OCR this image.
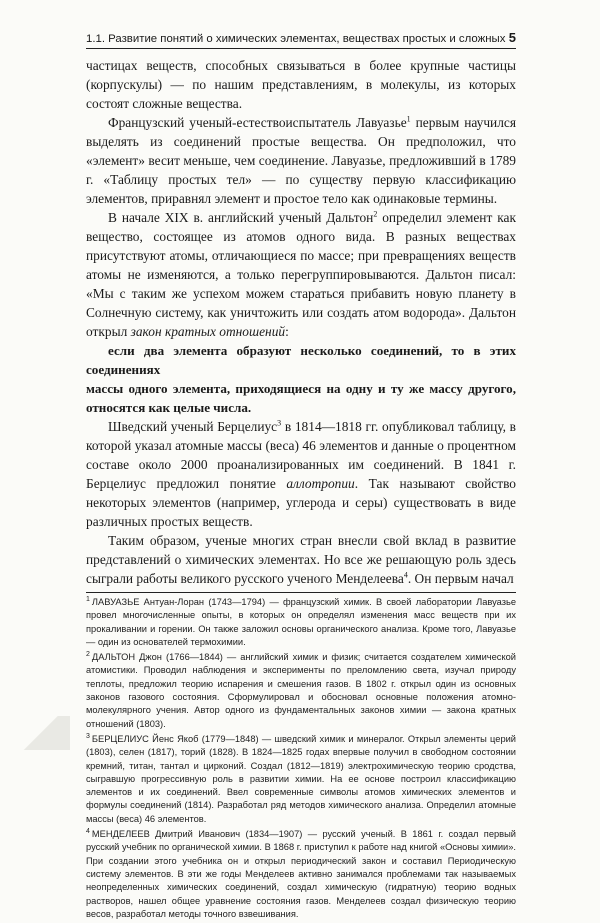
1.1. Развитие понятий о химических элементах, веществах простых и сложных 5

частицах веществ, способных связываться в более крупные частицы (корпускулы) — по нашим представлениям, в молекулы, из которых состоят сложные вещества.

Французский ученый-естествоиспытатель Лавуазье$^1$ первым научился выделять из соединений простые вещества. Он предположил, что «элемент» весит меньше, чем соединение. Лавуазье, предложивший в 1789 г. «Таблицу простых тел» — по существу первую классификацию элементов, приравнял элемент и простое тело как одинаковые термины.

В начале XIX в. английский ученый Дальтон$^2$ определил элемент как вещество, состоящее из атомов одного вида. В разных веществах присутствуют атомы, отличающиеся по массе; при превращениях веществ атомы не изменяются, а только перегруппировываются. Дальтон писал: «Мы с таким же успехом можем стараться прибавить новую планету в Солнечную систему, как уничтожить или создать атом водорода». Дальтон открыл закон кратных отношений:

если два элемента образуют несколько соединений, то в этих соединениях
массы одного элемента, приходящиеся на одну и ту же массу другого, относятся как целые числа.

Шведский ученый Берцелиус$^3$ в 1814—1818 гг. опубликовал таблицу, в которой указал атомные массы (веса) 46 элементов и данные о процентном составе около 2000 проанализированных им соединений. В 1841 г. Берцелиус предложил понятие аллотропии. Так называют свойство некоторых элементов (например, углерода и серы) существовать в виде различных простых веществ.

Таким образом, ученые многих стран внесли свой вклад в развитие представлений о химических элементах. Но все же решающую роль здесь сыграли работы великого русского ученого Менделеева$^4$. Он первым начал

$^1$ ЛАВУАЗЬЕ Антуан-Лоран (1743—1794) — французский химик. В своей лаборатории Лавуазье провел многочисленные опыты, в которых он определял изменения масс веществ при их прокаливании и горении. Он также заложил основы органического анализа. Кроме того, Лавуазье — один из основателей термохимии.

$^2$ ДАЛЬТОН Джон (1766—1844) — английский химик и физик; считается создателем химической атомистики. Проводил наблюдения и эксперименты по преломлению света, изучал природу теплоты, предложил теорию испарения и смешения газов. В 1802 г. открыл один из основных законов газового состояния. Сформулировал и обосновал основные положения атомно-молекулярного учения. Автор одного из фундаментальных законов химии — закона кратных отношений (1803).

$^3$ БЕРЦЕЛИУС Йенс Якоб (1779—1848) — шведский химик и минералог. Открыл элементы церий (1803), селен (1817), торий (1828). В 1824—1825 годах впервые получил в свободном состоянии кремний, титан, тантал и цирконий. Создал (1812—1819) электрохимическую теорию сродства, сыгравшую прогрессивную роль в развитии химии. На ее основе построил классификацию элементов и их соединений. Ввел современные символы атомов химических элементов и формулы соединений (1814). Разработал ряд методов химического анализа. Определил атомные массы (веса) 46 элементов.

$^4$ МЕНДЕЛЕЕВ Дмитрий Иванович (1834—1907) — русский ученый. В 1861 г. создал первый русский учебник по органической химии. В 1868 г. приступил к работе над книгой «Основы химии». При создании этого учебника он и открыл периодический закон и составил Периодическую систему элементов. В эти же годы Менделеев активно занимался проблемами так называемых неопределенных химических соединений, создал химическую (гидратную) теорию водных растворов, нашел общее уравнение состояния газов. Менделеев создал физическую теорию весов, разработал методы точного взвешивания.
